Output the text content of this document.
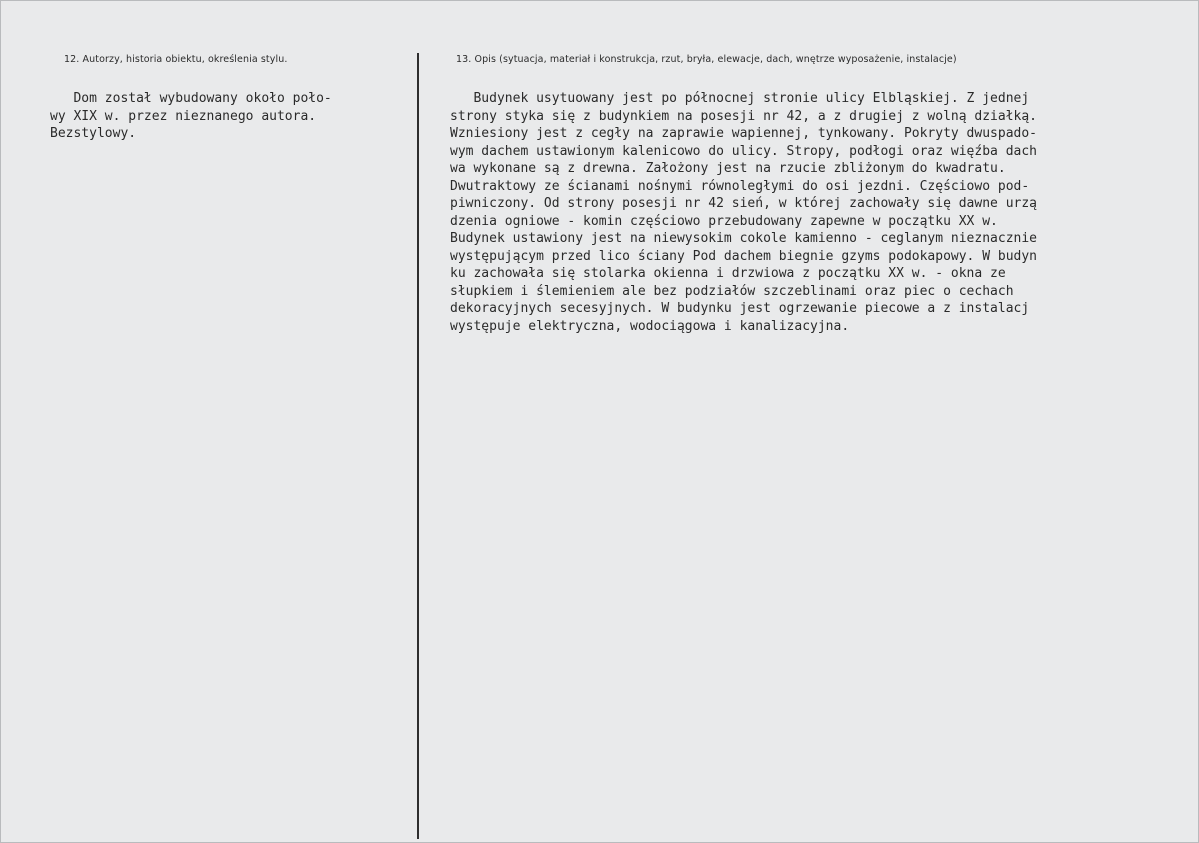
12. Autorzy, historia obiektu, określenia stylu.	13. Opis (sytuacja, materiał i konstrukcja, rzut, bryła, elewacje, dach, wnętrze wyposażenie, instalacje)
Dom został wybudowany około poło-
wy XIX w. przez nieznanego autora.
Bezstylowy.
Budynek usytuowany jest po północnej stronie ulicy Elbląskiej. Z jednej
strony styka się z budynkiem na posesji nr 42, a z drugiej z wolną działką.
Wzniesiony jest z cegły na zaprawie wapiennej, tynkowany. Pokryty dwuspado-
wym dachem ustawionym kalenicowo do ulicy. Stropy, podłogi oraz więźba dach
wa wykonane są z drewna. Założony jest na rzucie zbliżonym do kwadratu.
Dwutraktowy ze ścianami nośnymi równoległymi do osi jezdni. Częściowo pod-
piwniczony. Od strony posesji nr 42 sień, w której zachowały się dawne urzą
dzenia ogniowe - komin częściowo przebudowany zapewne w początku XX w.
Budynek ustawiony jest na niewysokim cokole kamienno - ceglanym nieznacznie
występującym przed lico ściany Pod dachem biegnie gzyms podokapowy. W budyn
ku zachowała się stolarka okienna i drzwiowa z początku XX w. - okna ze
słupkiem i ślemieniem ale bez podziałów szczeblinami oraz piec o cechach
dekoracyjnych secesyjnych. W budynku jest ogrzewanie piecowe a z instalacj
występuje elektryczna, wodociągowa i kanalizacyjna.
